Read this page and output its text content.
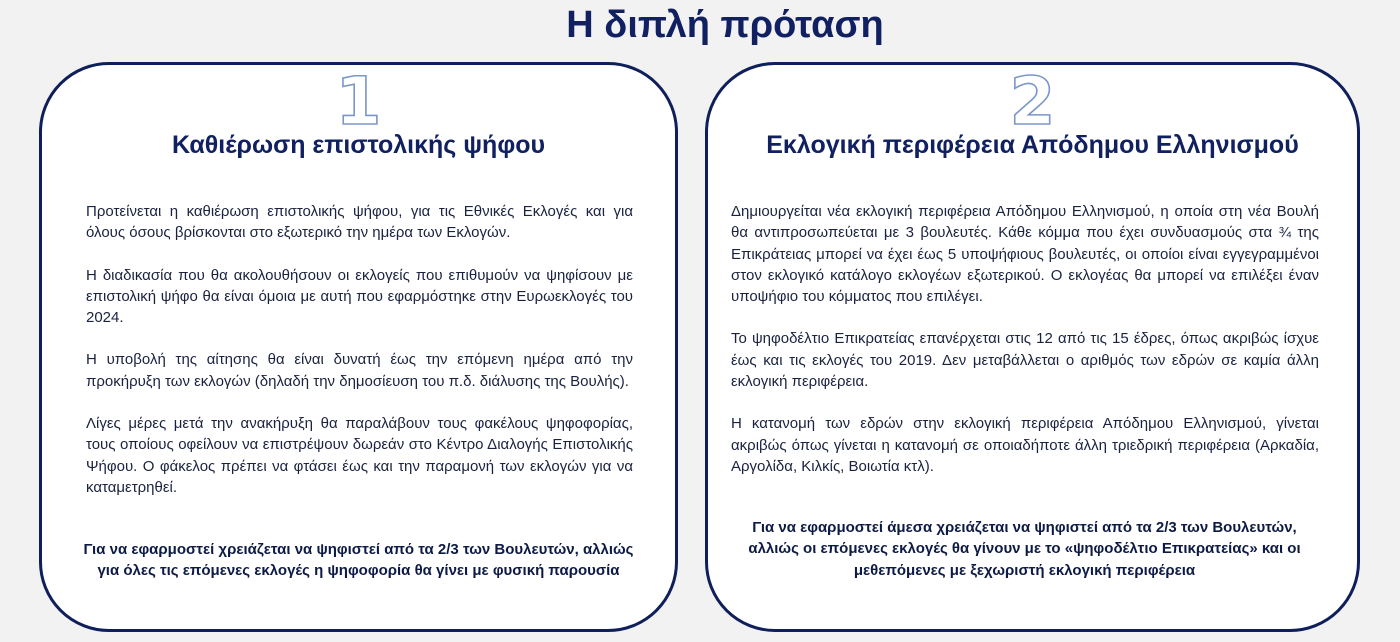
Η διπλή πρόταση
1
Καθιέρωση επιστολικής ψήφου

Προτείνεται η καθιέρωση επιστολικής ψήφου, για τις Εθνικές Εκλογές και για όλους όσους βρίσκονται στο εξωτερικό την ημέρα των Εκλογών.

Η διαδικασία που θα ακολουθήσουν οι εκλογείς που επιθυμούν να ψηφίσουν με επιστολική ψήφο θα είναι όμοια με αυτή που εφαρμόστηκε στην Ευρωεκλογές του 2024.

Η υποβολή της αίτησης θα είναι δυνατή έως την επόμενη ημέρα από την προκήρυξη των εκλογών (δηλαδή την δημοσίευση του π.δ. διάλυσης της Βουλής).

Λίγες μέρες μετά την ανακήρυξη θα παραλάβουν τους φακέλους ψηφοφορίας, τους οποίους οφείλουν να επιστρέψουν δωρεάν στο Κέντρο Διαλογής Επιστολικής Ψήφου. Ο φάκελος πρέπει να φτάσει έως και την παραμονή των εκλογών για να καταμετρηθεί.

Για να εφαρμοστεί χρειάζεται να ψηφιστεί από τα 2/3 των Βουλευτών, αλλιώς για όλες τις επόμενες εκλογές η ψηφοφορία θα γίνει με φυσική παρουσία
2
Εκλογική περιφέρεια Απόδημου Ελληνισμού

Δημιουργείται νέα εκλογική περιφέρεια Απόδημου Ελληνισμού, η οποία στη νέα Βουλή θα αντιπροσωπεύεται με 3 βουλευτές. Κάθε κόμμα που έχει συνδυασμούς στα ¾ της Επικράτειας μπορεί να έχει έως 5 υποψήφιους βουλευτές, οι οποίοι είναι εγγεγραμμένοι στον εκλογικό κατάλογο εκλογέων εξωτερικού. Ο εκλογέας θα μπορεί να επιλέξει έναν υποψήφιο του κόμματος που επιλέγει.

Το ψηφοδέλτιο Επικρατείας επανέρχεται στις 12 από τις 15 έδρες, όπως ακριβώς ίσχυε έως και τις εκλογές του 2019. Δεν μεταβάλλεται ο αριθμός των εδρών σε καμία άλλη εκλογική περιφέρεια.

Η κατανομή των εδρών στην εκλογική περιφέρεια Απόδημου Ελληνισμού, γίνεται ακριβώς όπως γίνεται η κατανομή σε οποιαδήποτε άλλη τριεδρική περιφέρεια (Αρκαδία, Αργολίδα, Κιλκίς, Βοιωτία κτλ).

Για να εφαρμοστεί άμεσα χρειάζεται να ψηφιστεί από τα 2/3 των Βουλευτών, αλλιώς οι επόμενες εκλογές θα γίνουν με το «ψηφοδέλτιο Επικρατείας» και οι μεθεπόμενες με ξεχωριστή εκλογική περιφέρεια
